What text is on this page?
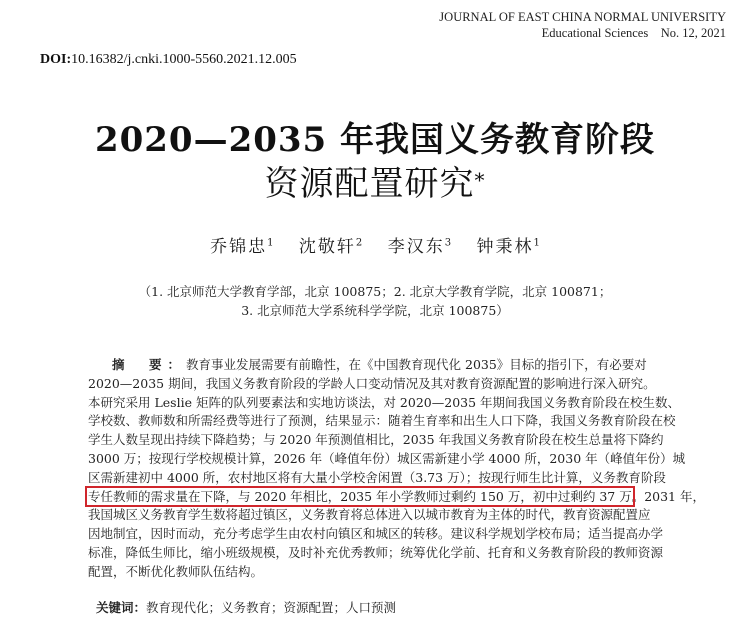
JOURNAL OF EAST CHINA NORMAL UNIVERSITY
Educational Sciences    No. 12, 2021
DOI:10.16382/j.cnki.1000-5560.2021.12.005
2020—2035 年我国义务教育阶段
资源配置研究*
乔锦忠$^1$ 沈敬轩$^2$ 李汉东$^3$ 钟秉林$^1$
（1. 北京师范大学教育学部，北京 100875；2. 北京大学教育学院，北京 100871；
3. 北京师范大学系统科学学院，北京 100875）
摘　要：教育事业发展需要有前瞻性，在《中国教育现代化 2035》目标的指引下，有必要对
2020—2035 期间，我国义务教育阶段的学龄人口变动情况及其对教育资源配置的影响进行深入研究。
本研究采用 Leslie 矩阵的队列要素法和实地访谈法，对 2020—2035 年期间我国义务教育阶段在校生数、
学校数、教师数和所需经费等进行了预测，结果显示：随着生育率和出生人口下降，我国义务教育阶段在校
学生人数呈现出持续下降趋势；与 2020 年预测值相比，2035 年我国义务教育阶段在校生总量将下降约
3000 万；按现行学校规模计算，2026 年（峰值年份）城区需新建小学 4000 所，2030 年（峰值年份）城
区需新建初中 4000 所，农村地区将有大量小学校舍闲置（3.73 万）；按现行师生比计算，义务教育阶段
专任教师的需求量在下降，与 2020 年相比，2035 年小学教师过剩约 150 万，初中过剩约 37 万。2031 年，
我国城区义务教育学生数将超过镇区，义务教育将总体进入以城市教育为主体的时代，教育资源配置应
因地制宜，因时而动，充分考虑学生由农村向镇区和城区的转移。建议科学规划学校布局；适当提高办学
标准，降低生师比，缩小班级规模，及时补充优秀教师；统筹优化学前、托育和义务教育阶段的教师资源
配置，不断优化教师队伍结构。
关键词：教育现代化；义务教育；资源配置；人口预测
